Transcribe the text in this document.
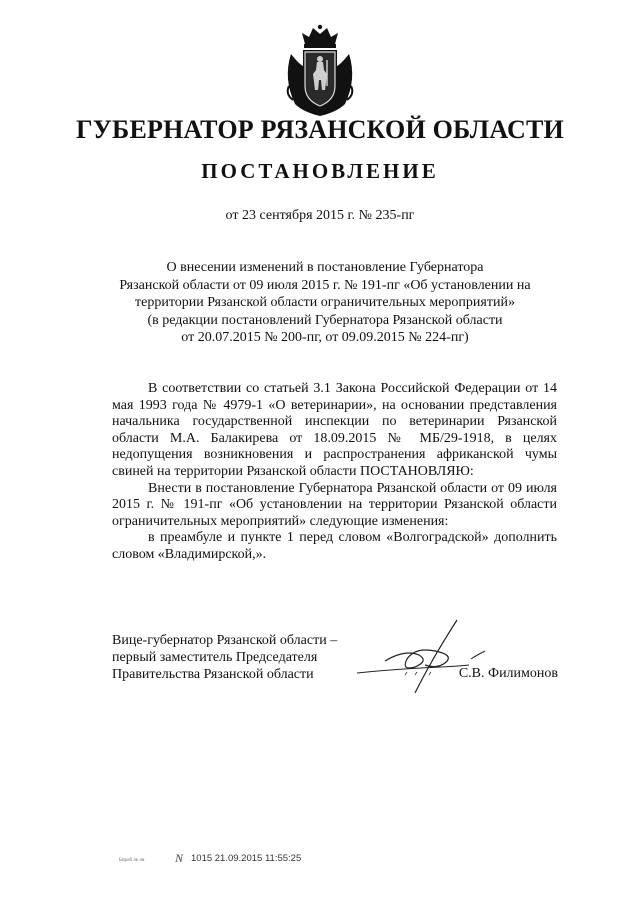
ГУБЕРНАТОР РЯЗАНСКОЙ ОБЛАСТИ
ПОСТАНОВЛЕНИЕ
от 23 сентября 2015 г. № 235-пг
О внесении изменений в постановление Губернатора
Рязанской области от 09 июля 2015 г. № 191-пг «Об установлении на
территории Рязанской области ограничительных мероприятий»
(в редакции постановлений Губернатора Рязанской области
от 20.07.2015 № 200-пг, от 09.09.2015 № 224-пг)

В соответствии со статьей 3.1 Закона Российской Федерации от 14 мая 1993 года № 4979-1 «О ветеринарии», на основании представления начальника государственной инспекции по ветеринарии Рязанской области М.А. Балакирева от 18.09.2015 № МБ/29-1918, в целях недопущения возникновения и распространения африканской чумы свиней на территории Рязанской области ПОСТАНОВЛЯЮ:

Внести в постановление Губернатора Рязанской области от 09 июля 2015 г. № 191-пг «Об установлении на территории Рязанской области ограничительных мероприятий» следующие изменения:

в преамбуле и пункте 1 перед словом «Волгоградской» дополнить словом «Владимирской,».

Вице-губернатор Рязанской области –
первый заместитель Председателя
Правительства Рязанской области	С.В. Филимонов
Бпрлб ле ли	N 1015 21.09.2015 11:55:25
